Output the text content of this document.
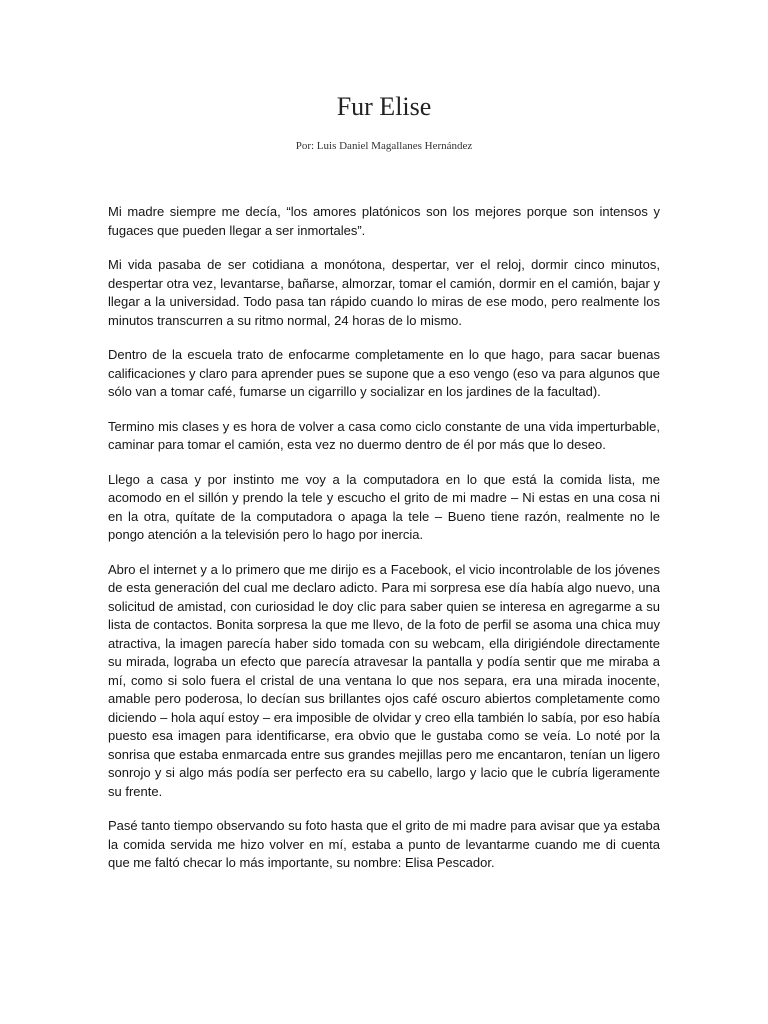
Fur Elise
Por: Luis Daniel Magallanes Hernández

Mi madre siempre me decía, “los amores platónicos son los mejores porque son intensos y fugaces que pueden llegar a ser inmortales”.

Mi vida pasaba de ser cotidiana a monótona, despertar, ver el reloj, dormir cinco minutos, despertar otra vez, levantarse, bañarse, almorzar, tomar el camión, dormir en el camión, bajar y llegar a la universidad. Todo pasa tan rápido cuando lo miras de ese modo, pero realmente los minutos transcurren a su ritmo normal, 24 horas de lo mismo.

Dentro de la escuela trato de enfocarme completamente en lo que hago, para sacar buenas calificaciones y claro para aprender pues se supone que a eso vengo (eso va para algunos que sólo van a tomar café, fumarse un cigarrillo y socializar en los jardines de la facultad).

Termino mis clases y es hora de volver a casa como ciclo constante de una vida imperturbable, caminar para tomar el camión, esta vez no duermo dentro de él por más que lo deseo.

Llego a casa y por instinto me voy a la computadora en lo que está la comida lista, me acomodo en el sillón y prendo la tele y escucho el grito de mi madre – Ni estas en una cosa ni en la otra, quítate de la computadora o apaga la tele – Bueno tiene razón, realmente no le pongo atención a la televisión pero lo hago por inercia.

Abro el internet y a lo primero que me dirijo es a Facebook, el vicio incontrolable de los jóvenes de esta generación del cual me declaro adicto. Para mi sorpresa ese día había algo nuevo, una solicitud de amistad, con curiosidad le doy clic para saber quien se interesa en agregarme a su lista de contactos. Bonita sorpresa la que me llevo, de la foto de perfil se asoma una chica muy atractiva, la imagen parecía haber sido tomada con su webcam, ella dirigiéndole directamente su mirada, lograba un efecto que parecía atravesar la pantalla y podía sentir que me miraba a mí, como si solo fuera el cristal de una ventana lo que nos separa, era una mirada inocente, amable pero poderosa, lo decían sus brillantes ojos café oscuro abiertos completamente como diciendo – hola aquí estoy – era imposible de olvidar y creo ella también lo sabía, por eso había puesto esa imagen para identificarse, era obvio que le gustaba como se veía. Lo noté por la sonrisa que estaba enmarcada entre sus grandes mejillas pero me encantaron, tenían un ligero sonrojo y si algo más podía ser perfecto era su cabello, largo y lacio que le cubría ligeramente su frente.

Pasé tanto tiempo observando su foto hasta que el grito de mi madre para avisar que ya estaba la comida servida me hizo volver en mí, estaba a punto de levantarme cuando me di cuenta que me faltó checar lo más importante, su nombre: Elisa Pescador.
